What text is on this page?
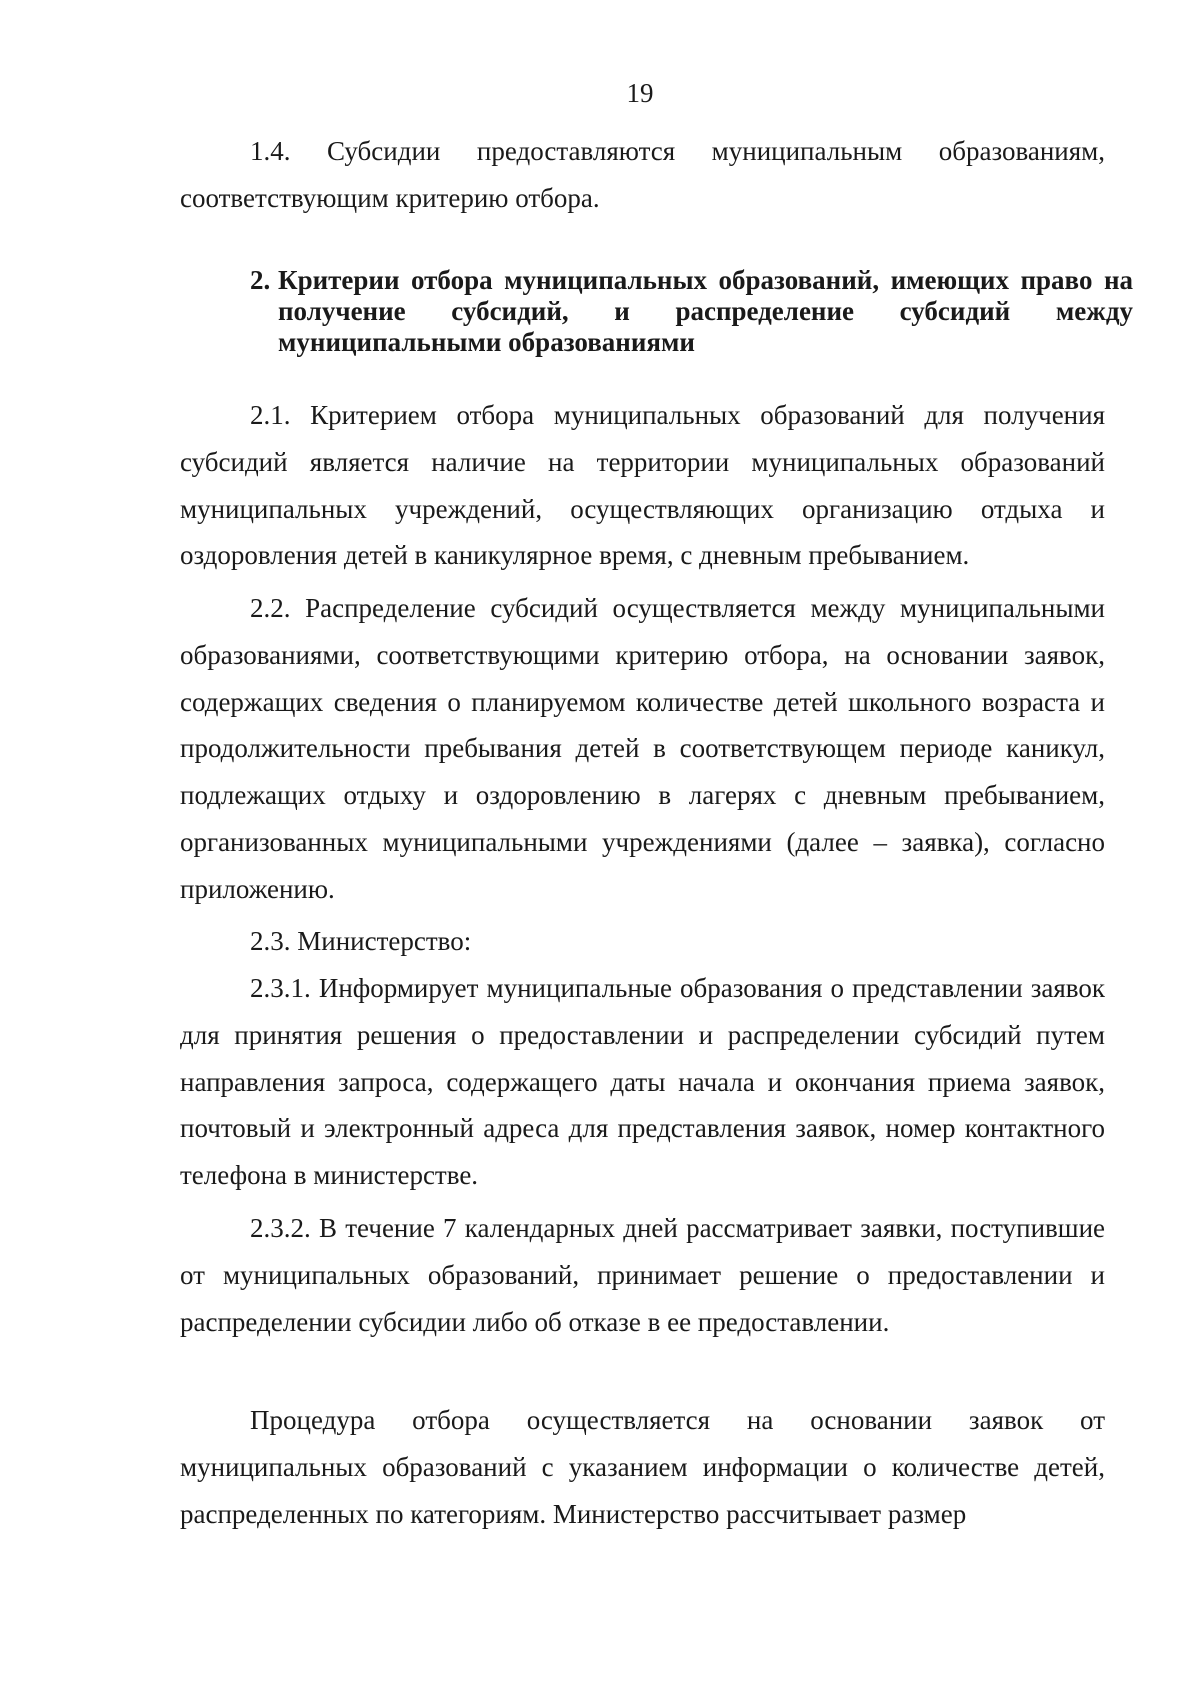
19

1.4. Субсидии предоставляются муниципальным образованиям, соответствующим критерию отбора.

2. Критерии отбора муниципальных образований, имеющих право на получение субсидий, и распределение субсидий между муниципальными образованиями

2.1. Критерием отбора муниципальных образований для получения субсидий является наличие на территории муниципальных образований муниципальных учреждений, осуществляющих организацию отдыха и оздоровления детей в каникулярное время, с дневным пребыванием.

2.2. Распределение субсидий осуществляется между муниципальными образованиями, соответствующими критерию отбора, на основании заявок, содержащих сведения о планируемом количестве детей школьного возраста и продолжительности пребывания детей в соответствующем периоде каникул, подлежащих отдыху и оздоровлению в лагерях с дневным пребыванием, организованных муниципальными учреждениями (далее – заявка), согласно приложению.

2.3. Министерство:

2.3.1. Информирует муниципальные образования о представлении заявок для принятия решения о предоставлении и распределении субсидий путем направления запроса, содержащего даты начала и окончания приема заявок, почтовый и электронный адреса для представления заявок, номер контактного телефона в министерстве.

2.3.2. В течение 7 календарных дней рассматривает заявки, поступившие от муниципальных образований, принимает решение о предоставлении и распределении субсидии либо об отказе в ее предоставлении.

Процедура отбора осуществляется на основании заявок от муниципальных образований с указанием информации о количестве детей, распределенных по категориям. Министерство рассчитывает размер
